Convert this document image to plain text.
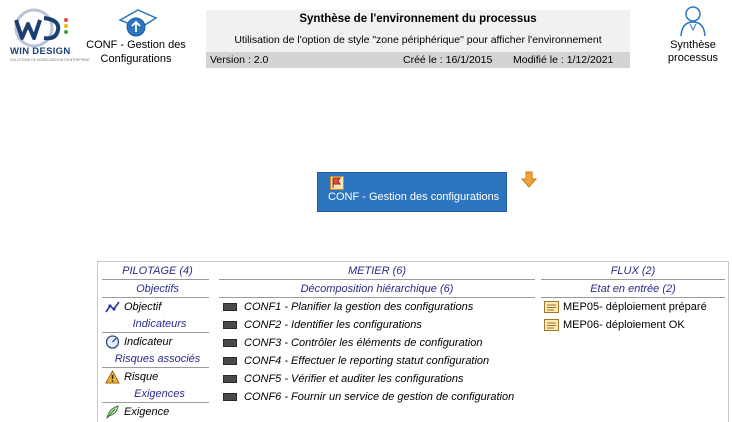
WIN DESIGN
SOLUTIONS DE MODÉLISATION D'ENTREPRISE
CONF - Gestion des
Configurations
Synthèse de l'environnement du processus
Utilisation de l'option de style "zone périphérique" pour afficher l'environnement
Version : 2.0	Créé le : 16/1/2015 Modifié le : 1/12/2021
Synthèse
processus
CONF - Gestion des configurations
PILOTAGE (4)
Objectifs
Objectif
Indicateurs
Indicateur
Risques associés
Risque
Exigences
Exigence
METIER (6)
Décomposition hiérarchique (6)
CONF1 - Planifier la gestion des configurations
CONF2 - Identifier les configurations
CONF3 - Contrôler les éléments de configuration
CONF4 - Effectuer le reporting statut configuration
CONF5 - Vérifier et auditer les configurations
CONF6 - Fournir un service de gestion de configuration
FLUX (2)
Etat en entrée (2)
MEP05- déploiement préparé
MEP06- déploiement OK
